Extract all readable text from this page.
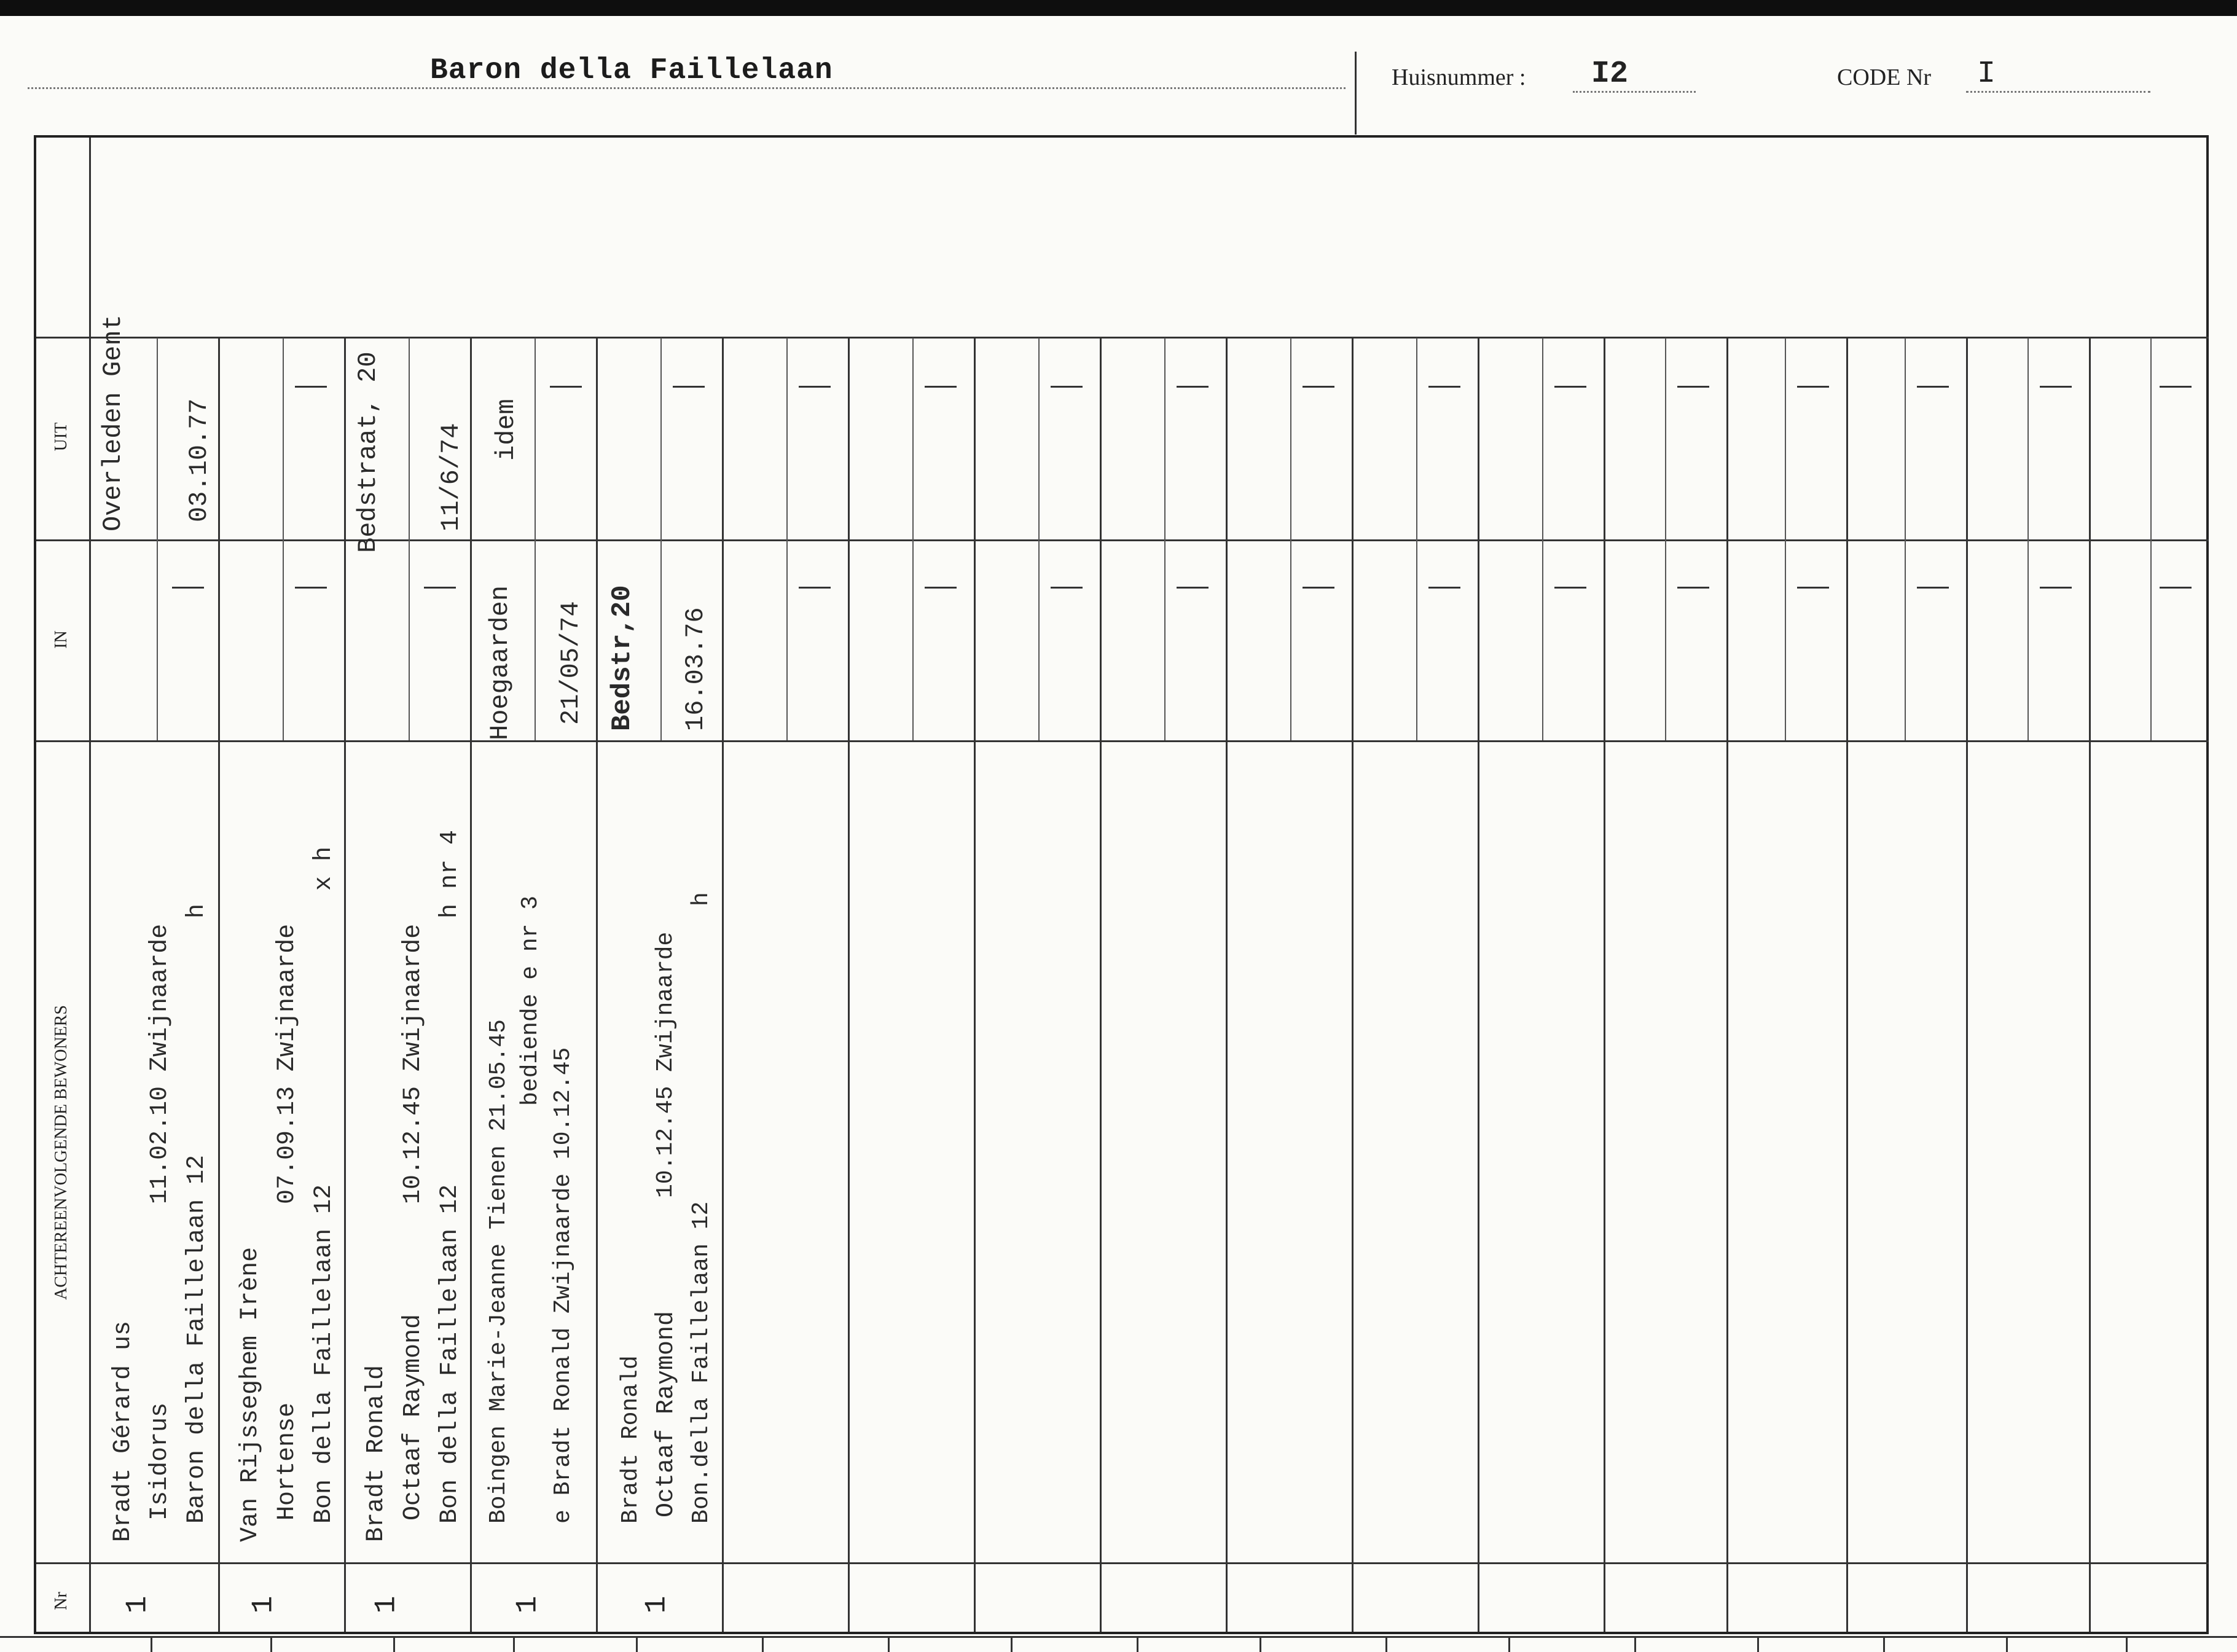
Baron della Faillelaan	Huisnummer : I2	CODE Nr I
UIT
IN
ACHTEREENVOLGENDE BEWONERS
Nr
Overleden Gent 03.10.77
Bradt Gérard us Isidorus Baron della Faillelaan 12
11.02.10 Zwijnaarde
h
1
Van Rijsseghem Irène Hortense Bon della Faillelaan 12
07.09.13 Zwijnaarde
x h
1
Bedstraat, 20 11/6/74
Bradt Ronald Octaaf Raymond Bon della Faillelaan 12
10.12.45 Zwijnaarde
h nr 4
1
idem
Hoegaarden 21/05/74
Boingen Marie-Jeanne Tienen 21.05.45
bediende e nr 3
e Bradt Ronald Zwijnaarde 10.12.45
1
Bedstr,20 16.03.76
Bradt Ronald Octaaf Raymond Bon.della Faillelaan 12
10.12.45 Zwijnaarde
h
1
